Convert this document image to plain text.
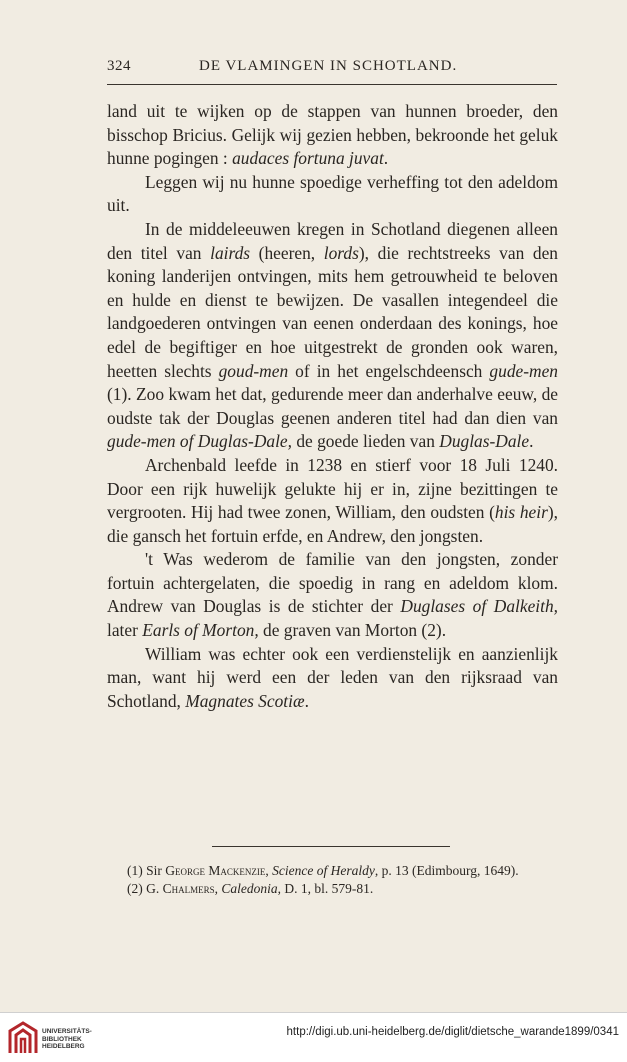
324	DE VLAMINGEN IN SCHOTLAND.

land uit te wijken op de stappen van hunnen broeder, den bisschop Bricius. Gelijk wij gezien hebben, bekroonde het geluk hunne pogingen : audaces fortuna juvat.

Leggen wij nu hunne spoedige verheffing tot den adeldom uit.

In de middeleeuwen kregen in Schotland diegenen alleen den titel van lairds (heeren, lords), die rechtstreeks van den koning landerijen ontvingen, mits hem getrouwheid te beloven en hulde en dienst te bewijzen. De vasallen integendeel die landgoederen ontvingen van eenen onderdaan des konings, hoe edel de begiftiger en hoe uitgestrekt de gronden ook waren, heetten slechts goud-men of in het engelschdeensch gude-men (1). Zoo kwam het dat, gedurende meer dan anderhalve eeuw, de oudste tak der Douglas geenen anderen titel had dan dien van gude-men of Duglas-Dale, de goede lieden van Duglas-Dale.

Archenbald leefde in 1238 en stierf voor 18 Juli 1240. Door een rijk huwelijk gelukte hij er in, zijne bezittingen te vergrooten. Hij had twee zonen, William, den oudsten (his heir), die gansch het fortuin erfde, en Andrew, den jongsten.

't Was wederom de familie van den jongsten, zonder fortuin achtergelaten, die spoedig in rang en adeldom klom. Andrew van Douglas is de stichter der Duglases of Dalkeith, later Earls of Morton, de graven van Morton (2).

William was echter ook een verdienstelijk en aanzienlijk man, want hij werd een der leden van den rijksraad van Schotland, Magnates Scotiæ.

(1) Sir George Mackenzie, Science of Heraldy, p. 13 (Edimbourg, 1649).

(2) G. Chalmers, Caledonia, D. 1, bl. 579-81.

UNIVERSITÄTS-
BIBLIOTHEK
HEIDELBERG
http://digi.ub.uni-heidelberg.de/diglit/dietsche_warande1899/0341
